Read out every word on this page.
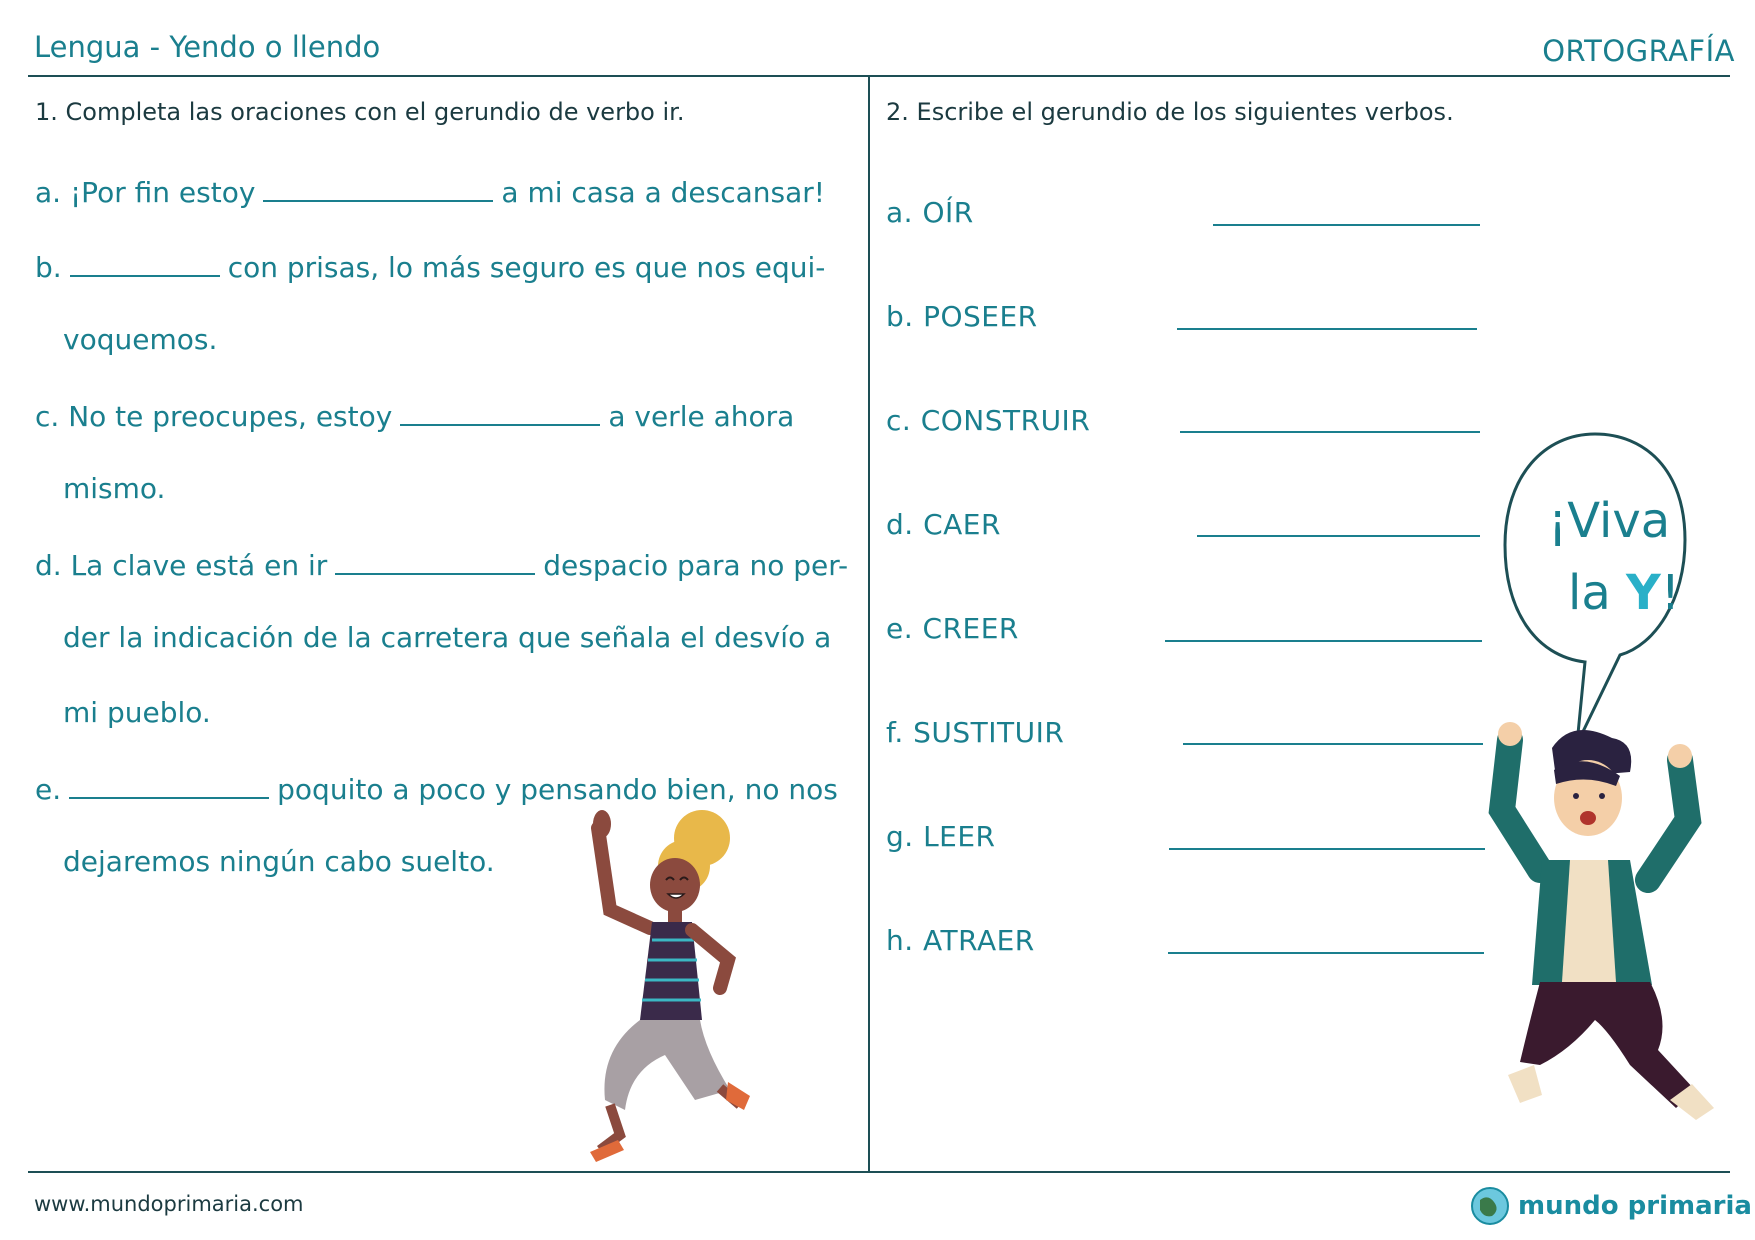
Lengua - Yendo o llendo	ORTOGRAFÍA
1. Completa las oraciones con el gerundio de verbo ir.
a. ¡Por fin estoy	a mi casa a descansar!
b.	con prisas, lo más seguro es que nos equi-
voquemos.
c. No te preocupes, estoy	a verle ahora
mismo.
d. La clave está en ir	despacio para no per-
der la indicación de la carretera que señala el desvío a
mi pueblo.
e.	poquito a poco y pensando bien, no nos
dejaremos ningún cabo suelto.
2. Escribe el gerundio de los siguientes verbos.
a. OÍR
b. POSEER
c. CONSTRUIR
d. CAER
e. CREER
f. SUSTITUIR
g. LEER
h. ATRAER
¡Viva
la Y!
www.mundoprimaria.com	mundo primaria
